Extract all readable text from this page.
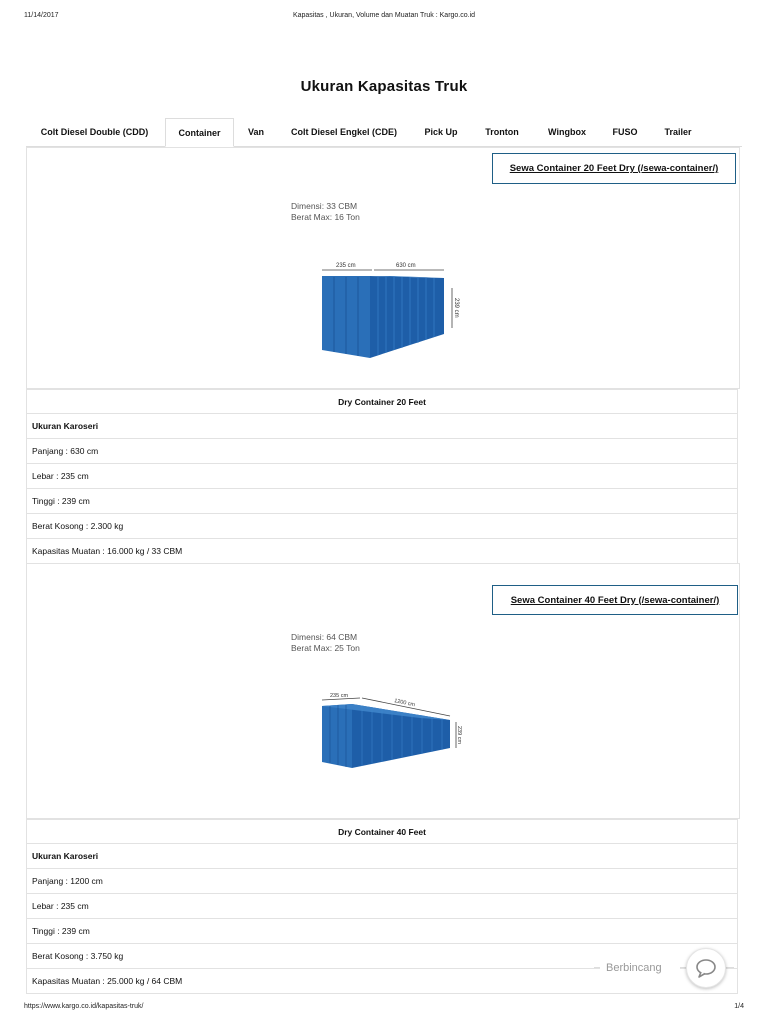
11/14/2017	Kapasitas , Ukuran, Volume dan Muatan Truk : Kargo.co.id
Ukuran Kapasitas Truk
Colt Diesel Double (CDD)	Container	Van	Colt Diesel Engkel (CDE)	Pick Up	Tronton	Wingbox	FUSO	Trailer
Sewa Container 20 Feet Dry (/sewa-container/)
Dimensi: 33 CBM
Berat Max: 16 Ton
235 cm	630 cm
239 cm
Dry Container 20 Feet
Ukuran Karoseri
Panjang : 630 cm
Lebar : 235 cm
Tinggi : 239 cm
Berat Kosong : 2.300 kg
Kapasitas Muatan : 16.000 kg / 33 CBM
Sewa Container 40 Feet Dry (/sewa-container/)
Dimensi: 64 CBM
Berat Max: 25 Ton
235 cm
1200 cm
239 cm
Dry Container 40 Feet
Ukuran Karoseri
Panjang : 1200 cm
Lebar : 235 cm
Tinggi : 239 cm
Berat Kosong : 3.750 kg
Kapasitas Muatan : 25.000 kg / 64 CBM
Berbincang
https://www.kargo.co.id/kapasitas-truk/	1/4
